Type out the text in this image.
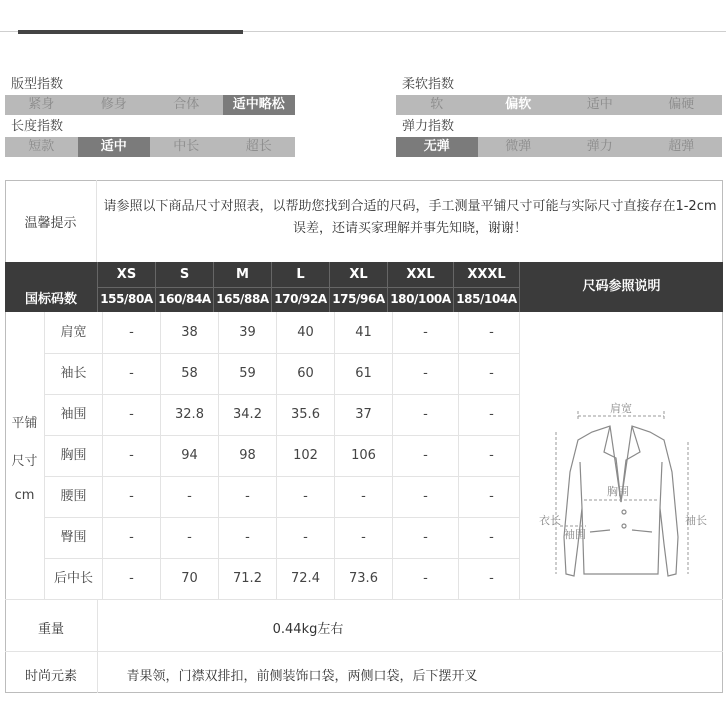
版型指数
紧身	修身	合体	适中略松
长度指数
短款	适中	中长	超长
柔软指数
软	偏软	适中	偏硬
弹力指数
无弹	微弹	弹力	超弹
温馨提示
请参照以下商品尺寸对照表，以帮助您找到合适的尺码，手工测量平铺尺寸可能与实际尺寸直接存在1-2cm误差，还请买家理解并事先知晓，谢谢！
XS	S	M	L	XL	XXL	XXXL
国标码数	155/80A 160/84A 165/88A 170/92A 175/96A 180/100A 185/104A
尺码参照说明
平铺
尺寸
cm
肩宽	-	38	39	40	41	-	-
袖长	-	58	59	60	61	-	-
袖围	-	32.8	34.2	35.6	37	-	-
胸围	-	94	98	102	106	-	-
腰围	-	-	-	-	-	-	-
臀围	-	-	-	-	-	-	-
后中长	-	70	71.2	72.4	73.6	-	-
肩宽
胸围
衣长
袖围
袖长
重量	0.44kg左右
时尚元素	青果领，门襟双排扣，前侧装饰口袋，两侧口袋，后下摆开叉
